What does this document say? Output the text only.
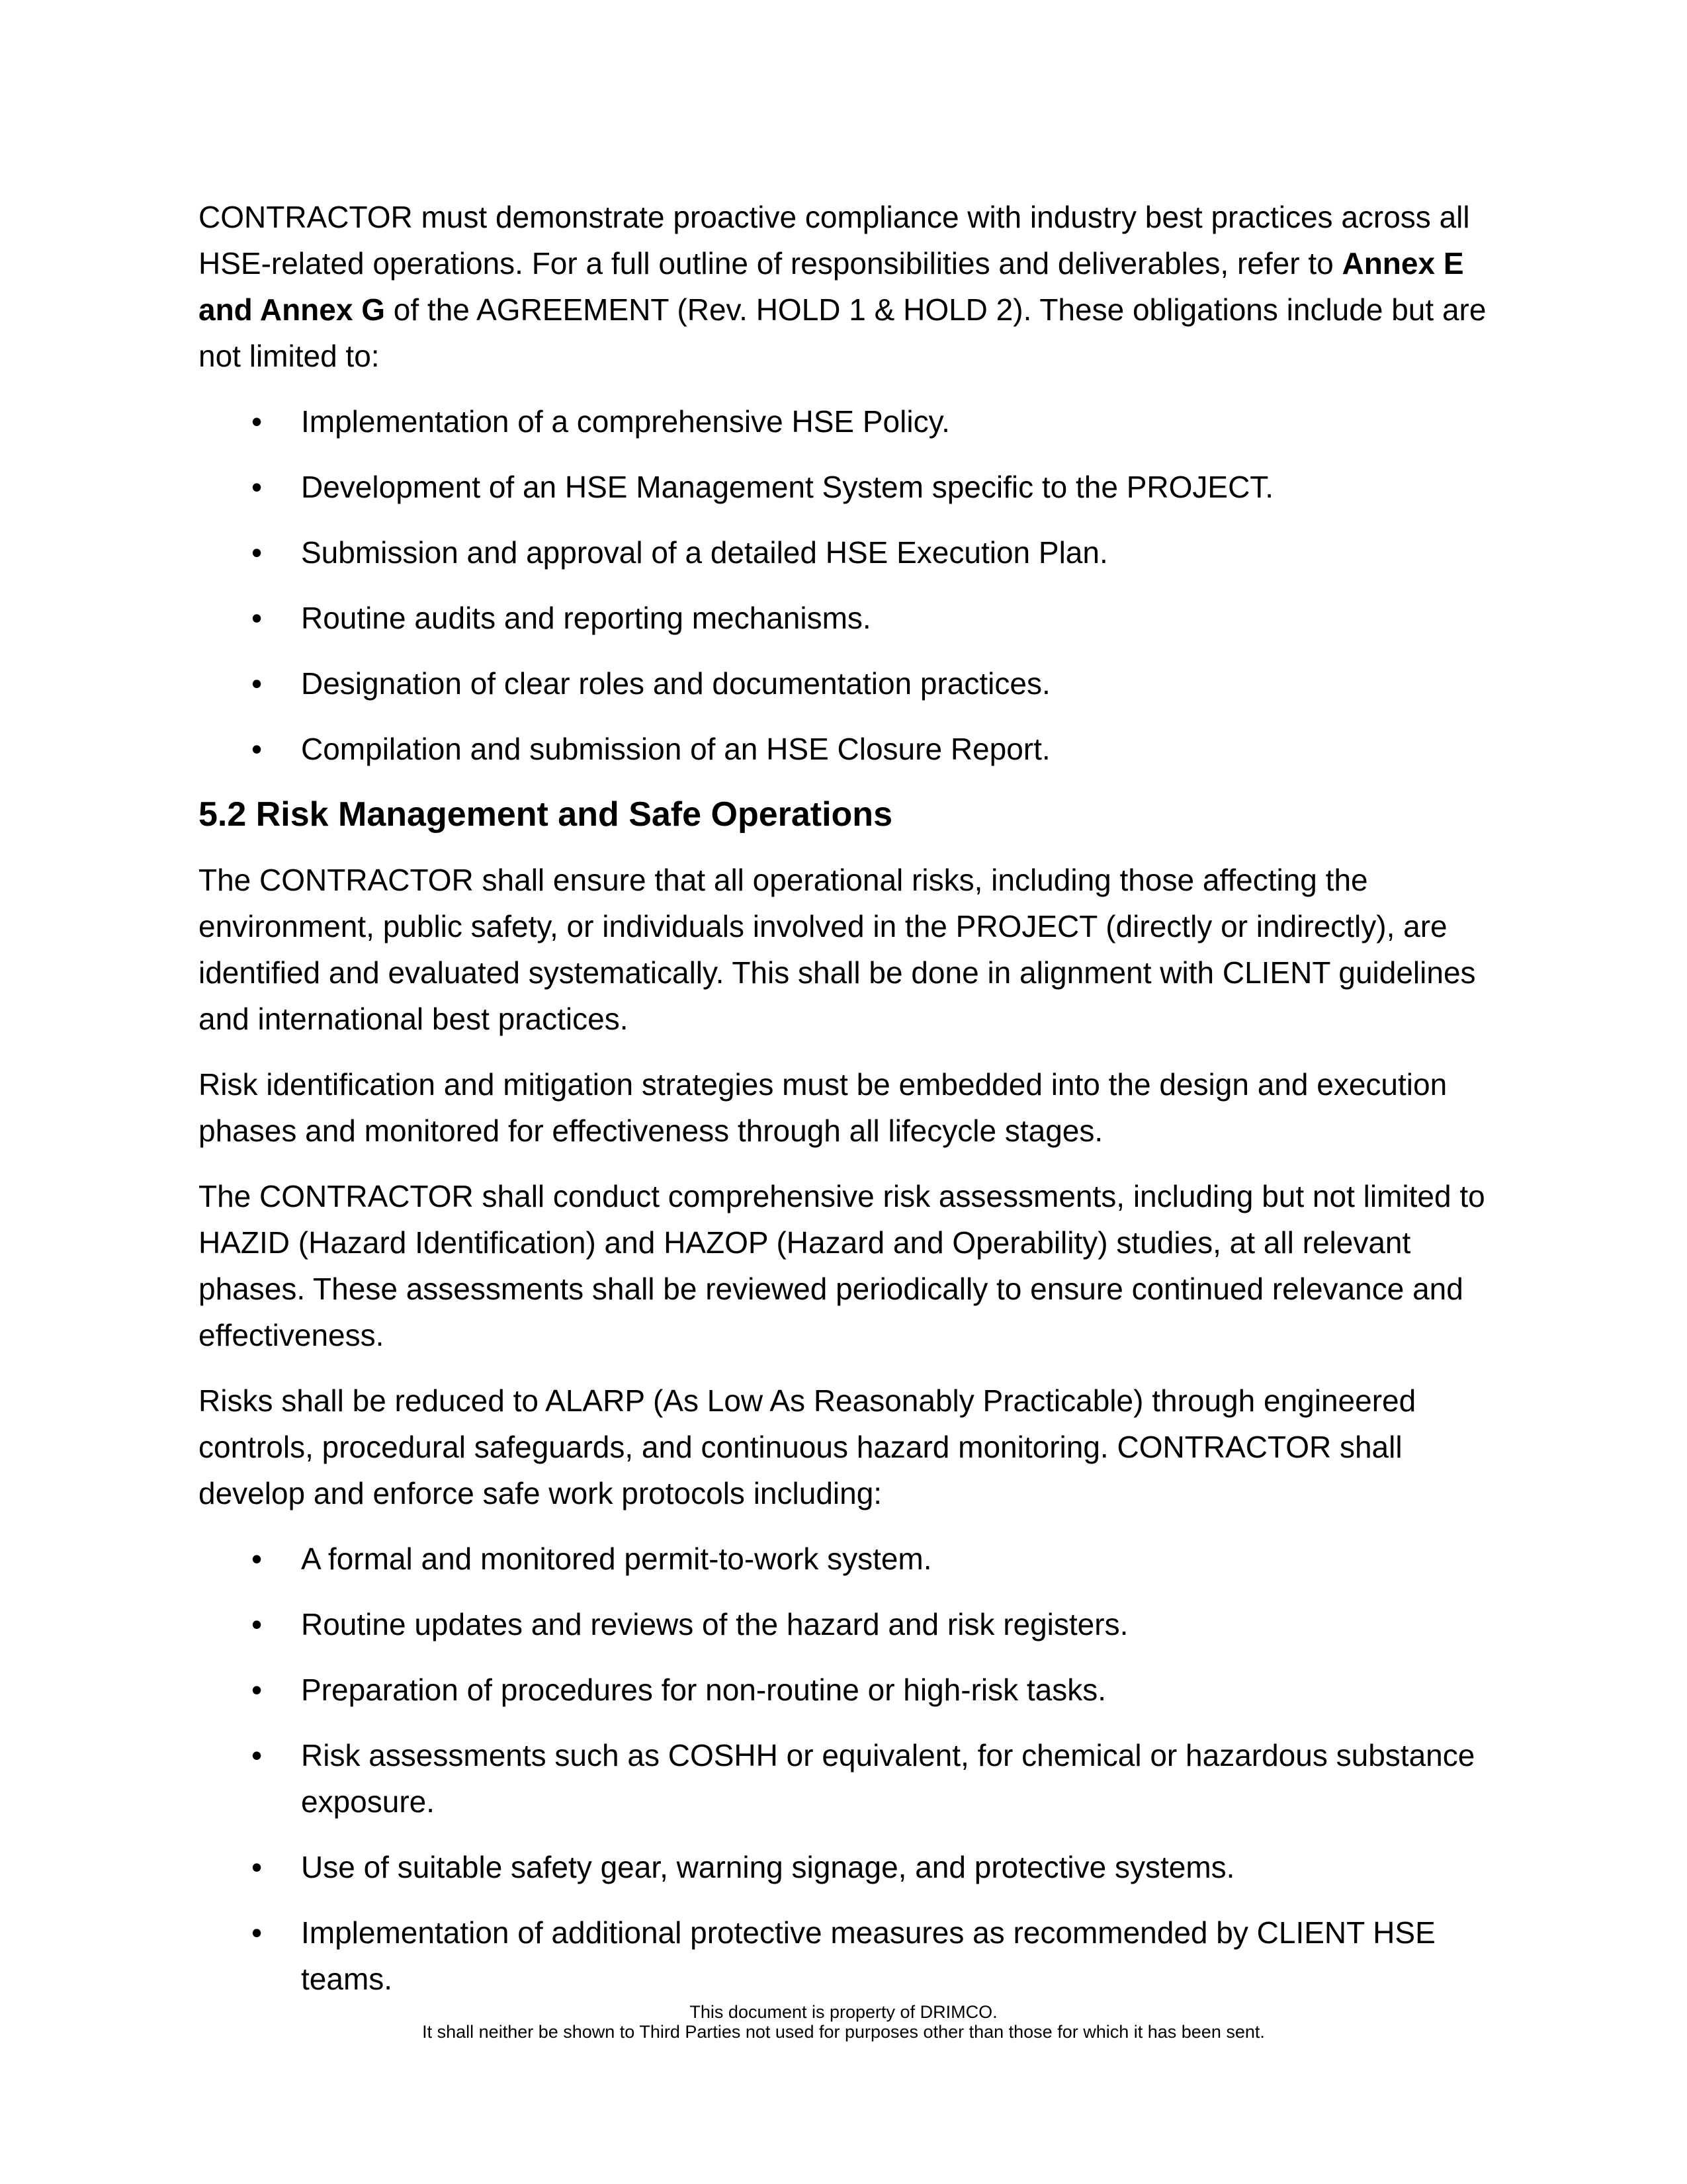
CONTRACTOR must demonstrate proactive compliance with industry best practices across all HSE-related operations. For a full outline of responsibilities and deliverables, refer to Annex E and Annex G of the AGREEMENT (Rev. HOLD 1 & HOLD 2). These obligations include but are not limited to:

• Implementation of a comprehensive HSE Policy.
• Development of an HSE Management System specific to the PROJECT.
• Submission and approval of a detailed HSE Execution Plan.
• Routine audits and reporting mechanisms.
• Designation of clear roles and documentation practices.
• Compilation and submission of an HSE Closure Report.
5.2 Risk Management and Safe Operations

The CONTRACTOR shall ensure that all operational risks, including those affecting the environment, public safety, or individuals involved in the PROJECT (directly or indirectly), are identified and evaluated systematically. This shall be done in alignment with CLIENT guidelines and international best practices.

Risk identification and mitigation strategies must be embedded into the design and execution phases and monitored for effectiveness through all lifecycle stages.

The CONTRACTOR shall conduct comprehensive risk assessments, including but not limited to HAZID (Hazard Identification) and HAZOP (Hazard and Operability) studies, at all relevant phases. These assessments shall be reviewed periodically to ensure continued relevance and effectiveness.

Risks shall be reduced to ALARP (As Low As Reasonably Practicable) through engineered controls, procedural safeguards, and continuous hazard monitoring. CONTRACTOR shall develop and enforce safe work protocols including:

• A formal and monitored permit-to-work system.
• Routine updates and reviews of the hazard and risk registers.
• Preparation of procedures for non-routine or high-risk tasks.
• Risk assessments such as COSHH or equivalent, for chemical or hazardous substance exposure.
• Use of suitable safety gear, warning signage, and protective systems.
• Implementation of additional protective measures as recommended by CLIENT HSE teams.
This document is property of DRIMCO.
It shall neither be shown to Third Parties not used for purposes other than those for which it has been sent.
